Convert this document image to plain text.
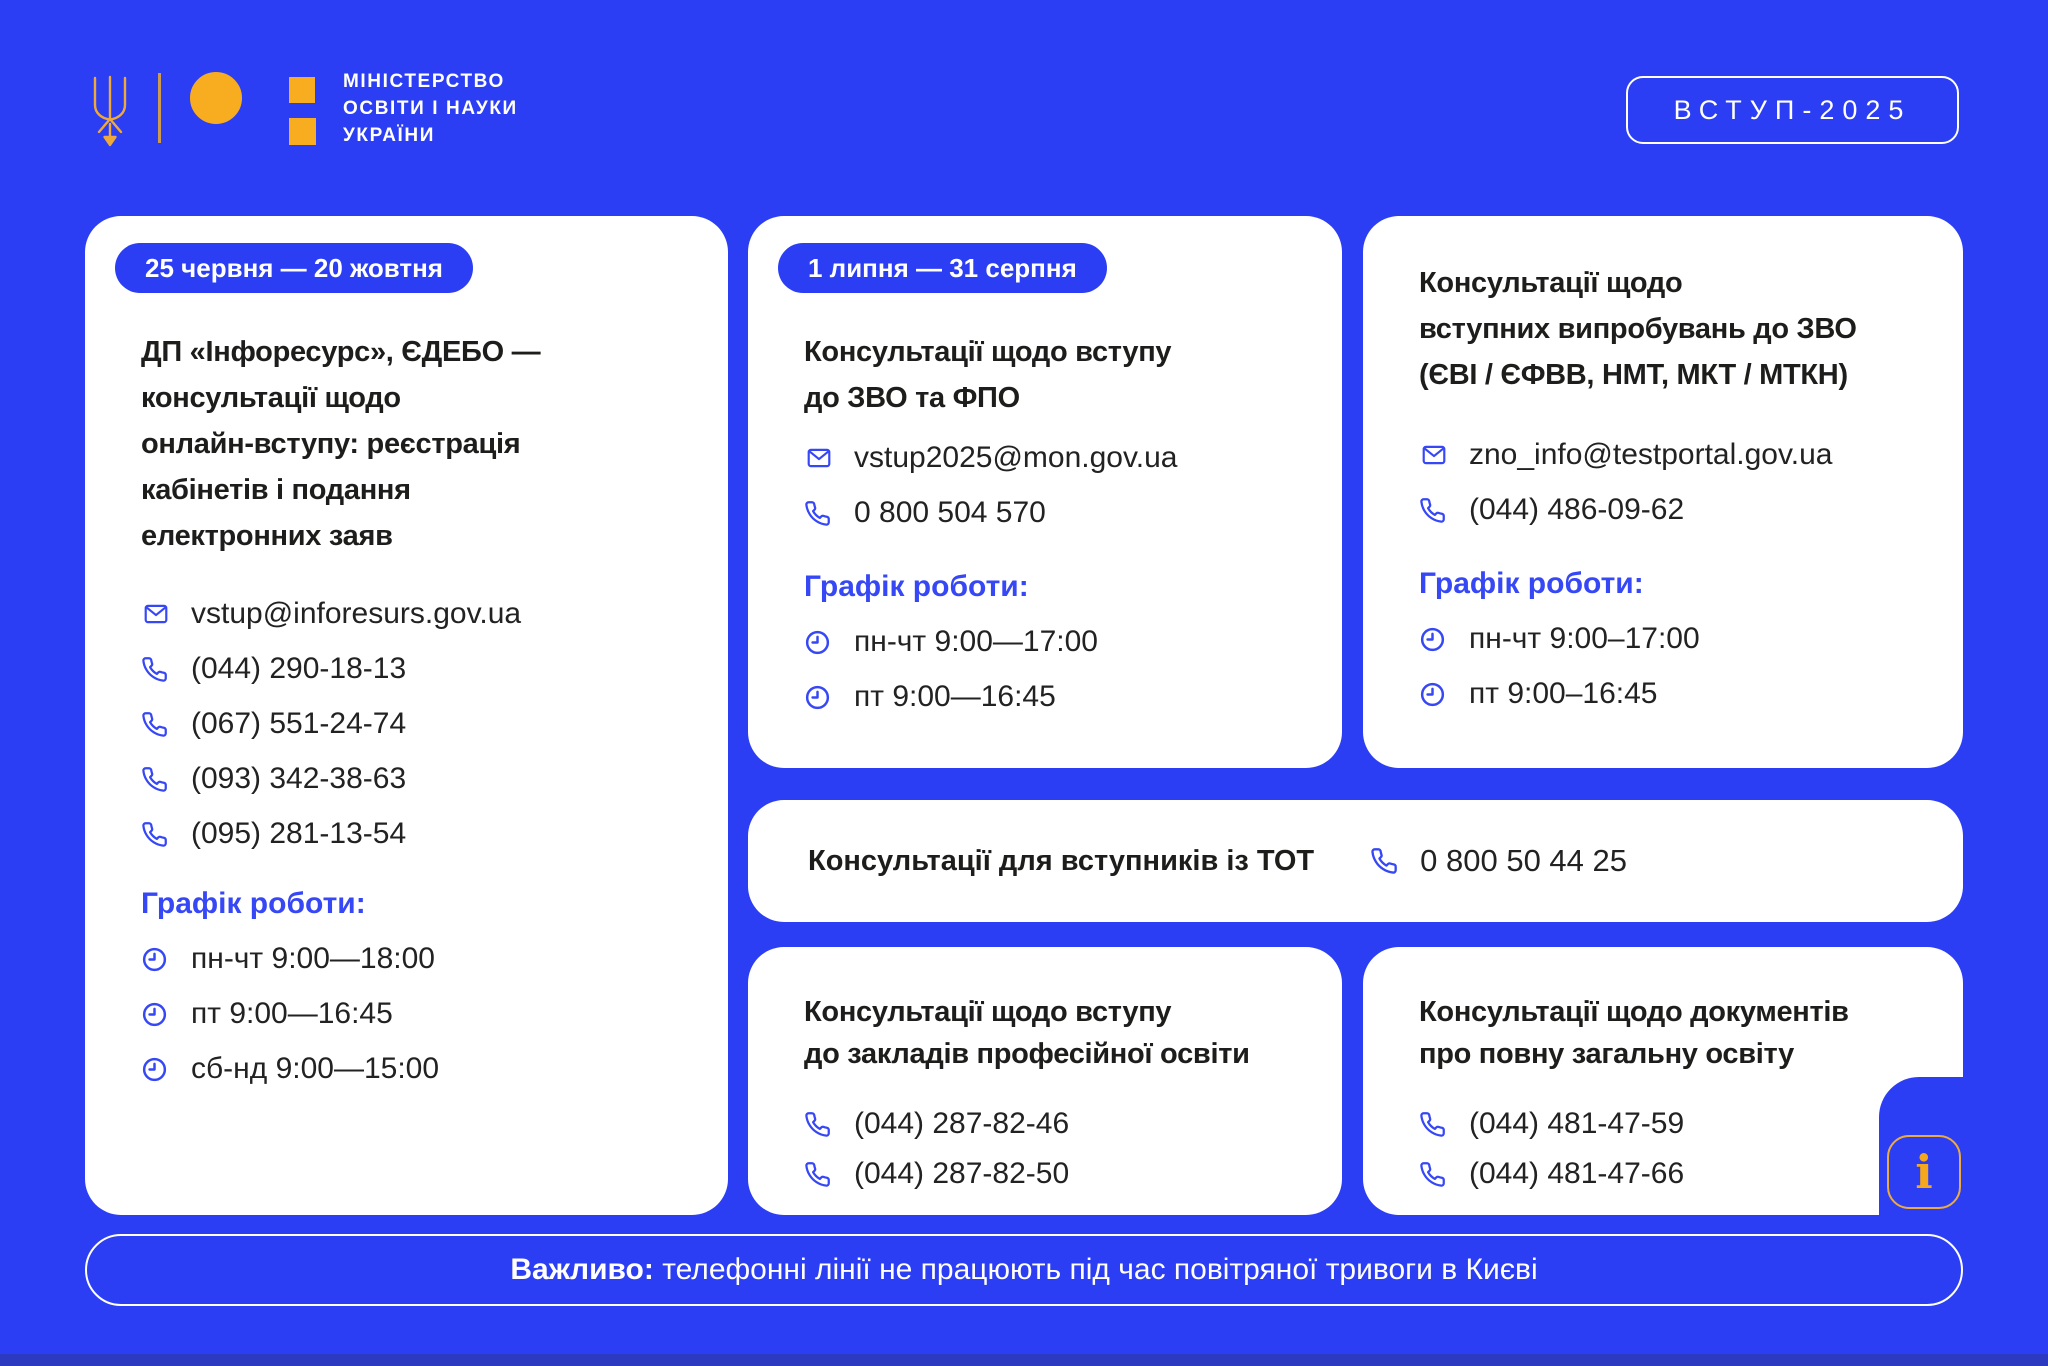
МІНІСТЕРСТВО
ОСВІТИ І НАУКИ
УКРАЇНИ
ВСТУП-2025
25 червня — 20 жовтня
ДП «Інфоресурс», ЄДЕБО —
консультації щодо
онлайн-вступу: реєстрація
кабінетів і подання
електронних заяв
vstup@inforesurs.gov.ua
(044) 290-18-13
(067) 551-24-74
(093) 342-38-63
(095) 281-13-54
Графік роботи:
пн-чт 9:00—18:00
пт 9:00—16:45
сб-нд 9:00—15:00
1 липня — 31 серпня
Консультації щодо вступу
до ЗВО та ФПО
vstup2025@mon.gov.ua
0 800 504 570
Графік роботи:
пн-чт 9:00—17:00
пт 9:00—16:45
Консультації щодо
вступних випробувань до ЗВО
(ЄВІ / ЄФВВ, НМТ, МКТ / МТКН)
zno_info@testportal.gov.ua
(044) 486-09-62
Графік роботи:
пн-чт 9:00–17:00
пт 9:00–16:45
Консультації для вступників із ТОТ	0 800 50 44 25
Консультації щодо вступу
до закладів професійної освіти
(044) 287-82-46
(044) 287-82-50
Консультації щодо документів
про повну загальну освіту
(044) 481-47-59
(044) 481-47-66	i
Важливо: телефонні лінії не працюють під час повітряної тривоги в Києві
